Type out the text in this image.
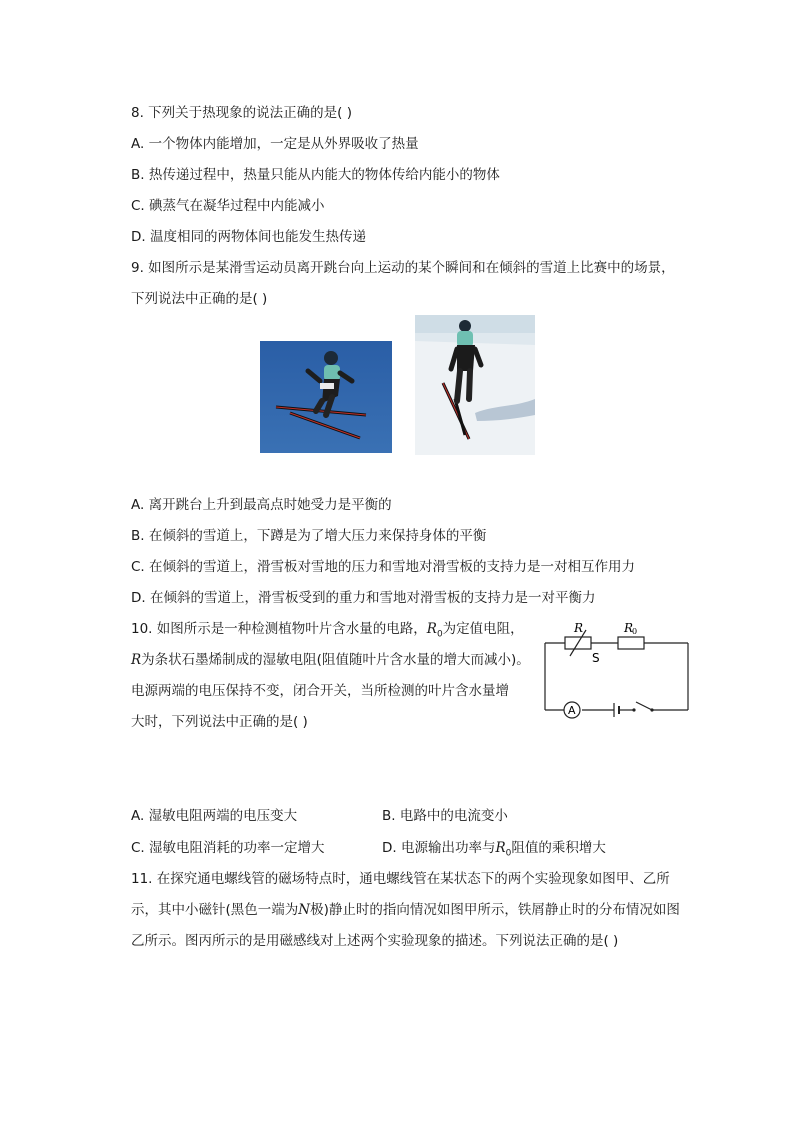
8. 下列关于热现象的说法正确的是( )
A. 一个物体内能增加，一定是从外界吸收了热量
B. 热传递过程中，热量只能从内能大的物体传给内能小的物体
C. 碘蒸气在凝华过程中内能减小
D. 温度相同的两物体间也能发生热传递
9. 如图所示是某滑雪运动员离开跳台向上运动的某个瞬间和在倾斜的雪道上比赛中的场景，
下列说法中正确的是( )
A. 离开跳台上升到最高点时她受力是平衡的
B. 在倾斜的雪道上，下蹲是为了增大压力来保持身体的平衡
C. 在倾斜的雪道上，滑雪板对雪地的压力和雪地对滑雪板的支持力是一对相互作用力
D. 在倾斜的雪道上，滑雪板受到的重力和雪地对滑雪板的支持力是一对平衡力
10. 如图所示是一种检测植物叶片含水量的电路，$R_0$为定值电阻，
R为条状石墨烯制成的湿敏电阻(阻值随叶片含水量的增大而减小)。
电源两端的电压保持不变，闭合开关，当所检测的叶片含水量增
大时，下列说法中正确的是( )
R	R
0
S
A
A. 湿敏电阻两端的电压变大	B. 电路中的电流变小
C. 湿敏电阻消耗的功率一定增大	D. 电源输出功率与$R_0$阻值的乘积增大
11. 在探究通电螺线管的磁场特点时，通电螺线管在某状态下的两个实验现象如图甲、乙所
示，其中小磁针(黑色一端为N极)静止时的指向情况如图甲所示，铁屑静止时的分布情况如图
乙所示。图丙所示的是用磁感线对上述两个实验现象的描述。下列说法正确的是( )
